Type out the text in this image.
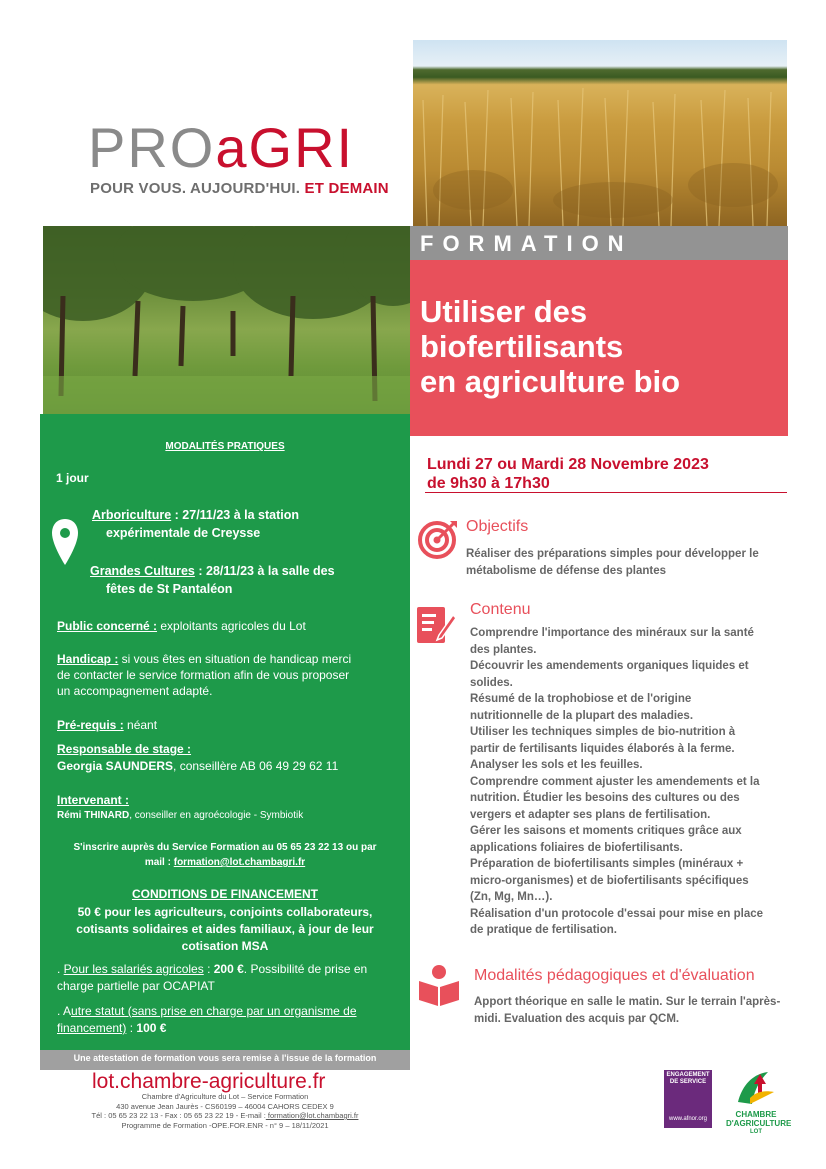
PROaGRI
POUR VOUS. AUJOURD'HUI. ET DEMAIN
FORMATION
Utiliser des
biofertilisants
en agriculture bio
Lundi 27 ou Mardi 28 Novembre 2023
de 9h30 à 17h30
MODALITÉS PRATIQUES
1 jour
Arboriculture : 27/11/23 à la station
expérimentale de Creysse
Grandes Cultures : 28/11/23 à la salle des
fêtes de St Pantaléon
Public concerné : exploitants agricoles du Lot
Handicap : si vous êtes en situation de handicap merci de contacter le service formation afin de vous proposer un accompagnement adapté.
Pré-requis : néant
Responsable de stage :
Georgia SAUNDERS, conseillère AB 06 49 29 62 11
Intervenant :
Rémi THINARD, conseiller en agroécologie - Symbiotik
S'inscrire auprès du Service Formation au 05 65 23 22 13 ou par
mail : formation@lot.chambagri.fr
CONDITIONS DE FINANCEMENT
50 € pour les agriculteurs, conjoints collaborateurs, cotisants solidaires et aides familiaux, à jour de leur cotisation MSA
. Pour les salariés agricoles : 200 €. Possibilité de prise en charge partielle par OCAPIAT
. Autre statut (sans prise en charge par un organisme de financement) : 100 €
Une attestation de formation vous sera remise à l'issue de la formation
Objectifs
Réaliser des préparations simples pour développer le métabolisme de défense des plantes
Contenu
Comprendre l'importance des minéraux sur la santé
des plantes.
Découvrir les amendements organiques liquides et
solides.
Résumé de la trophobiose et de l'origine
nutritionnelle de la plupart des maladies.
Utiliser les techniques simples de bio-nutrition à
partir de fertilisants liquides élaborés à la ferme.
Analyser les sols et les feuilles.
Comprendre comment ajuster les amendements et la
nutrition. Étudier les besoins des cultures ou des
vergers et adapter ses plans de fertilisation.
Gérer les saisons et moments critiques grâce aux
applications foliaires de biofertilisants.
Préparation de biofertilisants simples (minéraux +
micro-organismes) et de biofertilisants spécifiques
(Zn, Mg, Mn…).
Réalisation d'un protocole d'essai pour mise en place
de pratique de fertilisation.
Modalités pédagogiques et d'évaluation
Apport théorique en salle le matin. Sur le terrain l'après-
midi. Evaluation des acquis par QCM.
lot.chambre-agriculture.fr
Chambre d'Agriculture du Lot – Service Formation
430 avenue Jean Jaurès - CS60199 – 46004 CAHORS CEDEX 9
Tél : 05 65 23 22 13 - Fax : 05 65 23 22 19 - E-mail : formation@lot.chambagri.fr
Programme de Formation -OPE.FOR.ENR - n° 9 – 18/11/2021
ENGAGEMENT
DE SERVICE
www.afnor.org	CHAMBRE
D'AGRICULTURE
LOT
